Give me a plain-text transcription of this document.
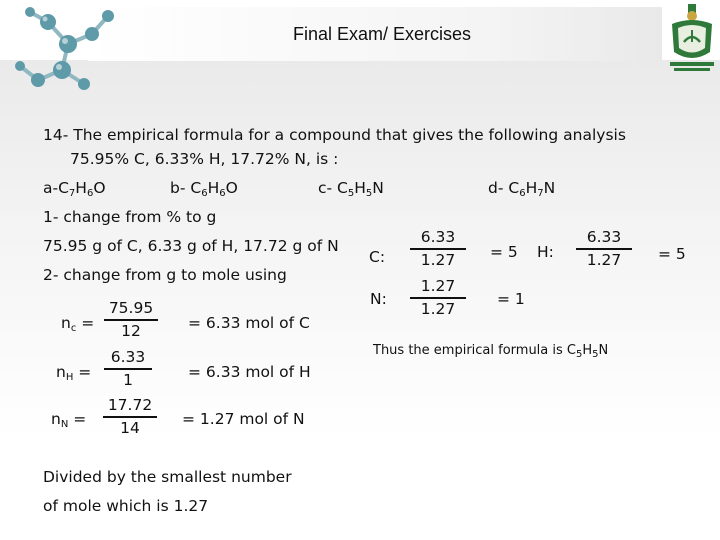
Final Exam/ Exercises
14- The empirical formula for a compound that gives the following analysis
75.95% C, 6.33% H, 17.72% N, is :
$a-C_7H_6O$	b- $C_6H_6O$	c- $C_5H_5N$	d- $C_6H_7N$
1- change from % to g
75.95 g of C, 6.33 g of H, 17.72 g of N
2- change from g to mole using
$n_c$ =
75.95
12	= 6.33 mol of C
$n_H$ =
6.33
1	= 6.33 mol of H
$n_N$ =
17.72
14	= 1.27 mol of N
Divided by the smallest number
of mole which is 1.27
C:
6.33
1.27	= 5 H:
6.33
1.27	= 5
N:
1.27
1.27
= 1
Thus the empirical formula is $C_5H_5N$
